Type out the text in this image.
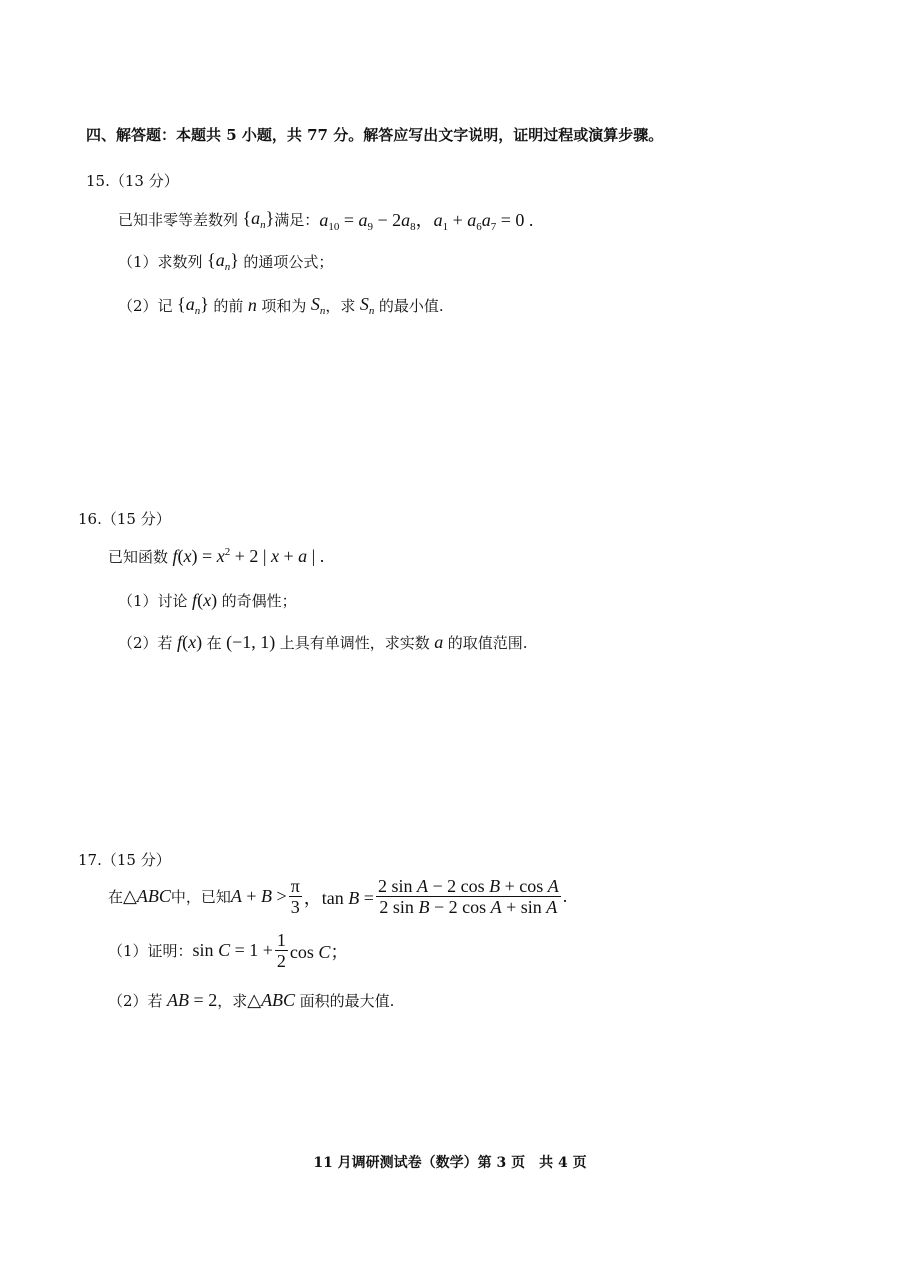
四、解答题：本题共 5 小题，共 77 分。解答应写出文字说明，证明过程或演算步骤。
15.（13 分）
已知非零等差数列 $\{a_n\}$ 满足： $a_{10} = a_9 - 2a_8$，$a_1 + a_6a_7 = 0$ .
（1）求数列 $\{a_n\}$ 的通项公式；
（2）记 $\{a_n\}$ 的前 n 项和为 $S_n$ ，求 $S_n$ 的最小值.
16.（15 分）
已知函数 $f(x) = x^2 + 2$ | x + a | .
（1）讨论 f(x) 的奇偶性；
（2）若 f(x) 在 (−1, 1) 上具有单调性，求实数 a 的取值范围.
17.（15 分）
在 △ABC 中，已知 $A + B > \frac{\pi}{3}$ ，$\tan B = \frac{\text{2 sin A − 2 cos B + cos A}}{\text{2 sin B − 2 cos A + sin A}}$ .
（1）证明： $\sin C = 1 + \frac{1}{2}$ cos C；
（2）若 AB = 2 ，求 △ABC 面积的最大值.
11 月调研测试卷（数学）第 3 页　共 4 页
